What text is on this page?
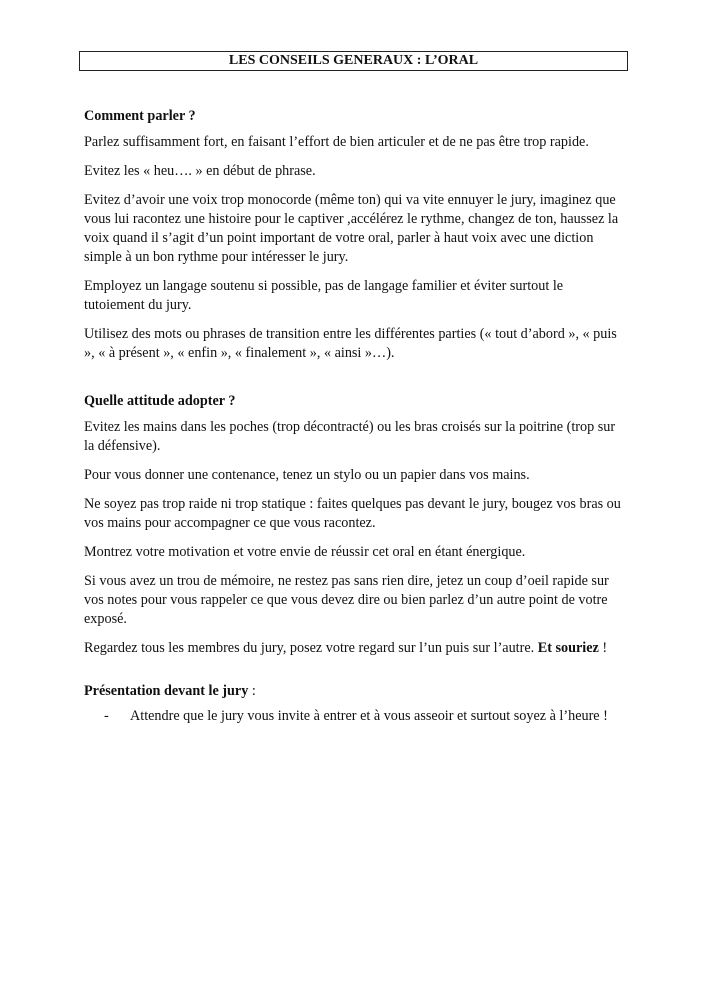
LES CONSEILS GENERAUX : L’ORAL
Comment parler ?

Parlez suffisamment fort, en faisant l’effort de bien articuler et de ne pas être trop rapide.

Evitez les « heu…. » en début de phrase.

Evitez d’avoir une voix trop monocorde (même ton) qui va vite ennuyer le jury, imaginez que vous lui racontez une histoire pour le captiver ,accélérez le rythme, changez de ton, haussez la voix quand il s’agit d’un point important de votre oral, parler à haut voix avec une diction simple à un bon rythme pour intéresser le jury.

Employez un langage soutenu si possible, pas de langage familier et éviter surtout le tutoiement du jury.

Utilisez des mots ou phrases de transition entre les différentes parties (« tout d’abord », « puis », « à présent », « enfin », « finalement », « ainsi »…).

Quelle attitude adopter ?

Evitez les mains dans les poches (trop décontracté) ou les bras croisés sur la poitrine (trop sur la défensive).

Pour vous donner une contenance, tenez un stylo ou un papier dans vos mains.

Ne soyez pas trop raide ni trop statique : faites quelques pas devant le jury, bougez vos bras ou vos mains pour accompagner ce que vous racontez.

Montrez votre motivation et votre envie de réussir cet oral en étant énergique.

Si vous avez un trou de mémoire, ne restez pas sans rien dire, jetez un coup d’oeil rapide sur vos notes pour vous rappeler ce que vous devez dire ou bien parlez d’un autre point de votre exposé.

Regardez tous les membres du jury, posez votre regard sur l’un puis sur l’autre. Et souriez !

Présentation devant le jury :
-	Attendre que le jury vous invite à entrer et à vous asseoir et surtout soyez à l’heure !
